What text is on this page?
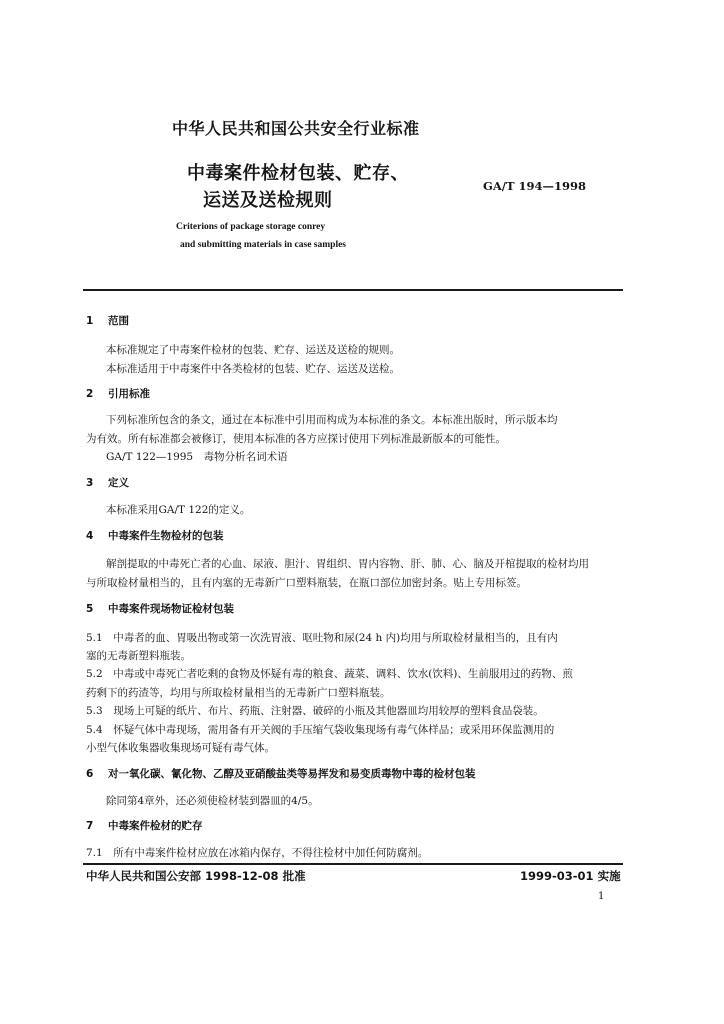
中华人民共和国公共安全行业标准
中毒案件检材包装、贮存、
运送及送检规则
GA/T 194—1998
Criterions of package storage conrey
and submitting materials in case samples
1 范围
本标准规定了中毒案件检材的包装、贮存、运送及送检的规则。
本标准适用于中毒案件中各类检材的包装、贮存、运送及送检。
2 引用标准
下列标准所包含的条文，通过在本标准中引用而构成为本标准的条文。本标准出版时，所示版本均
为有效。所有标准都会被修订，使用本标准的各方应探讨使用下列标准最新版本的可能性。
GA/T 122—1995　毒物分析名词术语
3 定义
本标准采用GA/T 122的定义。
4 中毒案件生物检材的包装
解剖提取的中毒死亡者的心血、尿液、胆汁、胃组织、胃内容物、肝、肺、心、脑及开棺提取的检材均用
与所取检材量相当的，且有内塞的无毒新广口塑料瓶装，在瓶口部位加密封条。贴上专用标签。
5 中毒案件现场物证检材包装
5.1　中毒者的血、胃吸出物或第一次洗胃液、呕吐物和尿(24 h 内)均用与所取检材量相当的，且有内
塞的无毒新塑料瓶装。
5.2　中毒或中毒死亡者吃剩的食物及怀疑有毒的粮食、蔬菜、调料、饮水(饮料)、生前服用过的药物、煎
药剩下的药渣等，均用与所取检材量相当的无毒新广口塑料瓶装。
5.3　现场上可疑的纸片、布片、药瓶、注射器、破碎的小瓶及其他器皿均用较厚的塑料食品袋装。
5.4　怀疑气体中毒现场，需用备有开关阀的手压缩气袋收集现场有毒气体样品；或采用环保监测用的
小型气体收集器收集现场可疑有毒气体。
6 对一氧化碳、氰化物、乙醇及亚硝酸盐类等易挥发和易变质毒物中毒的检材包装
除同第4章外，还必须使检材装到器皿的4/5。
7 中毒案件检材的贮存
7.1　所有中毒案件检材应放在冰箱内保存，不得往检材中加任何防腐剂。
中华人民共和国公安部 1998-12-08 批准	1999-03-01 实施
1
